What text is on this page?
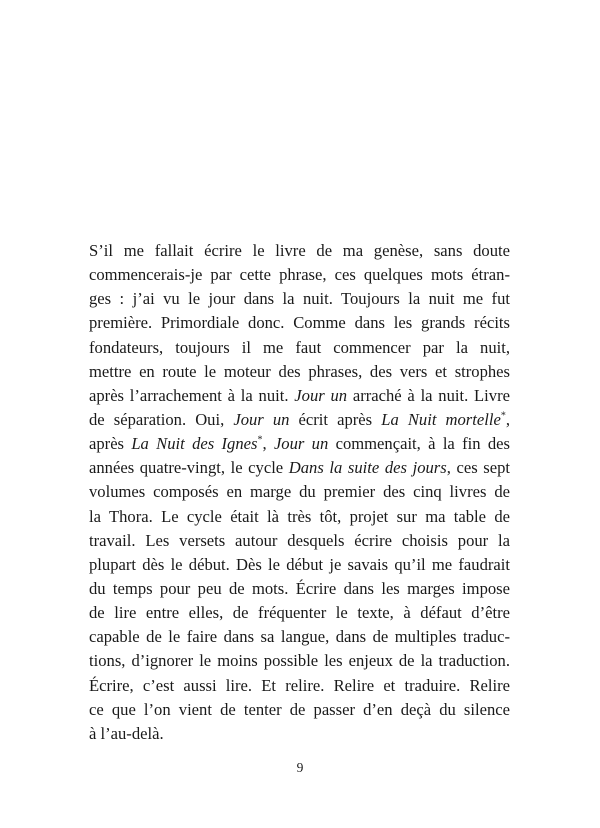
S’il me fallait écrire le livre de ma genèse, sans doute
commencerais-je par cette phrase, ces quelques mots étran-
ges : j’ai vu le jour dans la nuit. Toujours la nuit me fut
première. Primordiale donc. Comme dans les grands récits
fondateurs, toujours il me faut commencer par la nuit,
mettre en route le moteur des phrases, des vers et strophes
après l’arrachement à la nuit. Jour un arraché à la nuit. Livre
de séparation. Oui, Jour un écrit après La Nuit mortelle*,
après La Nuit des Ignes*, Jour un commençait, à la fin des
années quatre-vingt, le cycle Dans la suite des jours, ces sept
volumes composés en marge du premier des cinq livres de
la Thora. Le cycle était là très tôt, projet sur ma table de
travail. Les versets autour desquels écrire choisis pour la
plupart dès le début. Dès le début je savais qu’il me faudrait
du temps pour peu de mots. Écrire dans les marges impose
de lire entre elles, de fréquenter le texte, à défaut d’être
capable de le faire dans sa langue, dans de multiples traduc-
tions, d’ignorer le moins possible les enjeux de la traduction.
Écrire, c’est aussi lire. Et relire. Relire et traduire. Relire
ce que l’on vient de tenter de passer d’en deçà du silence
à l’au-delà.
9
